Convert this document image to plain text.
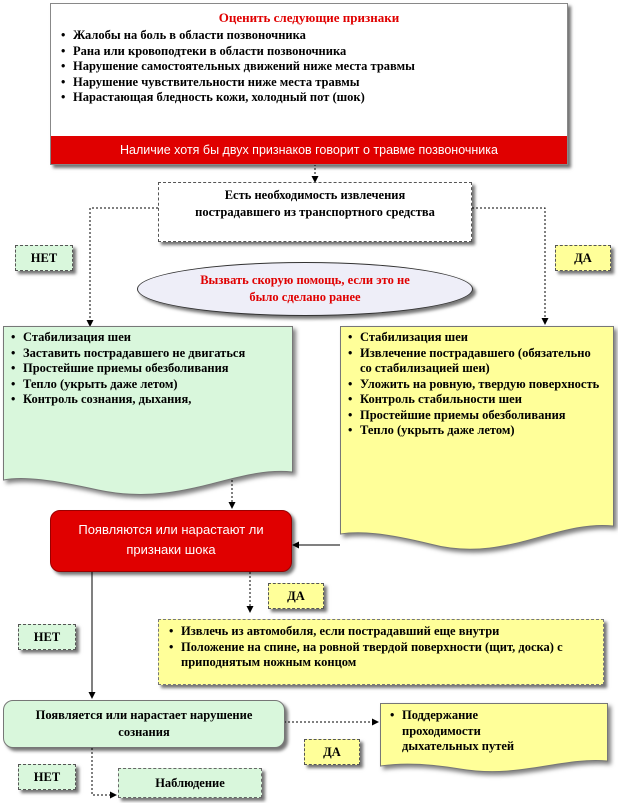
Оценить следующие признаки
• Жалобы на боль в области позвоночника
• Рана или кровоподтеки в области позвоночника
• Нарушение самостоятельных движений ниже места травмы
• Нарушение чувствительности ниже места травмы
• Нарастающая бледность кожи, холодный пот (шок)
Наличие хотя бы двух признаков говорит о травме позвоночника
Есть необходимость извлечения пострадавшего из транспортного средства
НЕТ	ДА
Вызвать скорую помощь, если это не было сделано ранее
• Стабилизация шеи
• Заставить пострадавшего не двигаться
• Простейшие приемы обезболивания
• Тепло (укрыть даже летом)
• Контроль сознания, дыхания,
• Стабилизация шеи
• Извлечение пострадавшего (обязательно со стабилизацией шеи)
• Уложить на ровную, твердую поверхность
• Контроль стабильности шеи
• Простейшие приемы обезболивания
• Тепло (укрыть даже летом)
Появляются или нарастают ли признаки шока
ДА
НЕТ
•	Извлечь из автомобиля, если пострадавший еще внутри
• Положение на спине, на ровной твердой поверхности (щит, доска) с приподнятым ножным концом
Появляется или нарастает нарушение сознания
• Поддержание проходимости дыхательных путей
ДА
НЕТ	Наблюдение
